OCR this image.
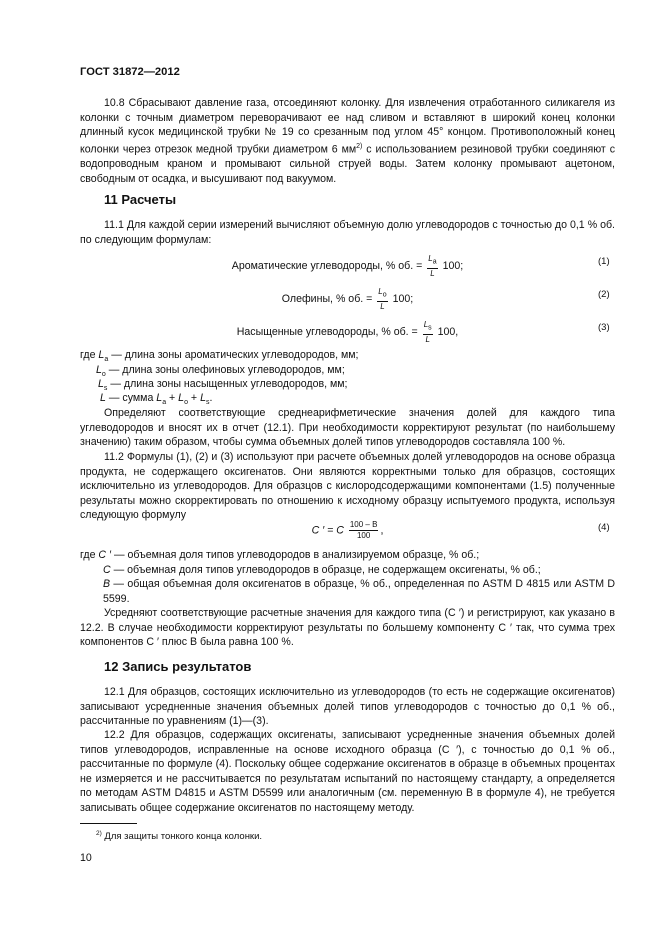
ГОСТ 31872—2012
10.8 Сбрасывают давление газа, отсоединяют колонку. Для извлечения отработанного силикагеля из колонки с точным диаметром переворачивают ее над сливом и вставляют в широкий конец колонки длинный кусок медицинской трубки № 19 со срезанным под углом 45° концом. Противоположный конец колонки через отрезок медной трубки диаметром 6 $мм^{2)}$ с использованием резиновой трубки соединяют с водопроводным краном и промывают сильной струей воды. Затем колонку промывают ацетоном, свободным от осадка, и высушивают под вакуумом.
11 Расчеты
11.1 Для каждой серии измерений вычисляют объемную долю углеводородов с точностью до 0,1 % об. по следующим формулам:
Ароматические углеводороды, % об. = $\frac{L_a}{L} 100$;	(1)
Олефины, % об. = $\frac{L_o}{L} 100$;	(2)
Насыщенные углеводороды, % об. = $\frac{L_s}{L} 100$,	(3)
где $L_a$ — длина зоны ароматических углеводородов, мм;
$L_o$ — длина зоны олефиновых углеводородов, мм;
$L_s$ — длина зоны насыщенных углеводородов, мм;
L — сумма $L_a + L_o + L_s$.
Определяют соответствующие среднеарифметические значения долей для каждого типа углеводородов и вносят их в отчет (12.1). При необходимости корректируют результат (по наибольшему значению) таким образом, чтобы сумма объемных долей типов углеводородов составляла 100 %.
11.2 Формулы (1), (2) и (3) используют при расчете объемных долей углеводородов на основе образца продукта, не содержащего оксигенатов. Они являются корректными только для образцов, состоящих исключительно из углеводородов. Для образцов с кислородсодержащими компонентами (1.5) полученные результаты можно скорректировать по отношению к исходному образцу испытуемого продукта, используя следующую формулу
C ′ = C $\frac{100 - B}{100}$ ,	(4)
где C ′ — объемная доля типов углеводородов в анализируемом образце, % об.;
C — объемная доля типов углеводородов в образце, не содержащем оксигенаты, % об.;
B — общая объемная доля оксигенатов в образце, % об., определенная по ASTM D 4815 или ASTM D 5599.
Усредняют соответствующие расчетные значения для каждого типа (C ′) и регистрируют, как указано в 12.2. В случае необходимости корректируют результаты по большему компоненту C ′ так, что сумма трех компонентов C ′ плюс B была равна 100 %.
12 Запись результатов
12.1 Для образцов, состоящих исключительно из углеводородов (то есть не содержащие оксигенатов) записывают усредненные значения объемных долей типов углеводородов с точностью до 0,1 % об., рассчитанные по уравнениям (1)—(3).
12.2 Для образцов, содержащих оксигенаты, записывают усредненные значения объемных долей типов углеводородов, исправленные на основе исходного образца (C ′), с точностью до 0,1 % об., рассчитанные по формуле (4). Поскольку общее содержание оксигенатов в образце в объемных процентах не измеряется и не рассчитывается по результатам испытаний по настоящему стандарту, а определяется по методам ASTM D4815 и ASTM D5599 или аналогичным (см. переменную B в формуле 4), не требуется записывать общее содержание оксигенатов по настоящему методу.
$^{2)}$ Для защиты тонкого конца колонки.
10
